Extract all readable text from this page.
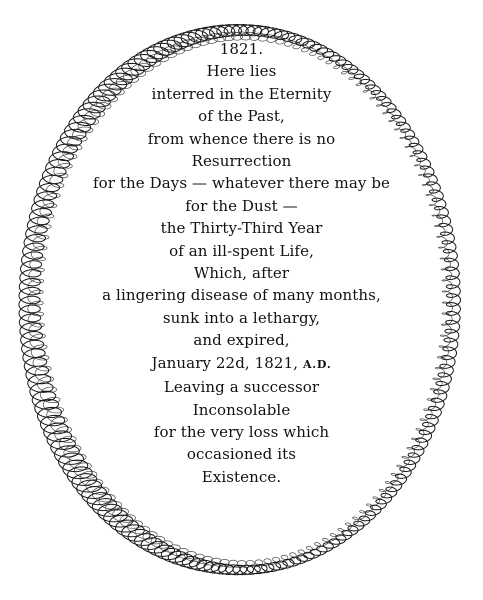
1821.
Here lies
interred in the Eternity
of the Past,
from whence there is no
Resurrection
for the Days — whatever there may be
for the Dust —
the Thirty-Third Year
of an ill-spent Life,
Which, after
a lingering disease of many months,
sunk into a lethargy,
and expired,
January 22d, 1821, A.D.
Leaving a successor
Inconsolable
for the very loss which
occasioned its
Existence.
